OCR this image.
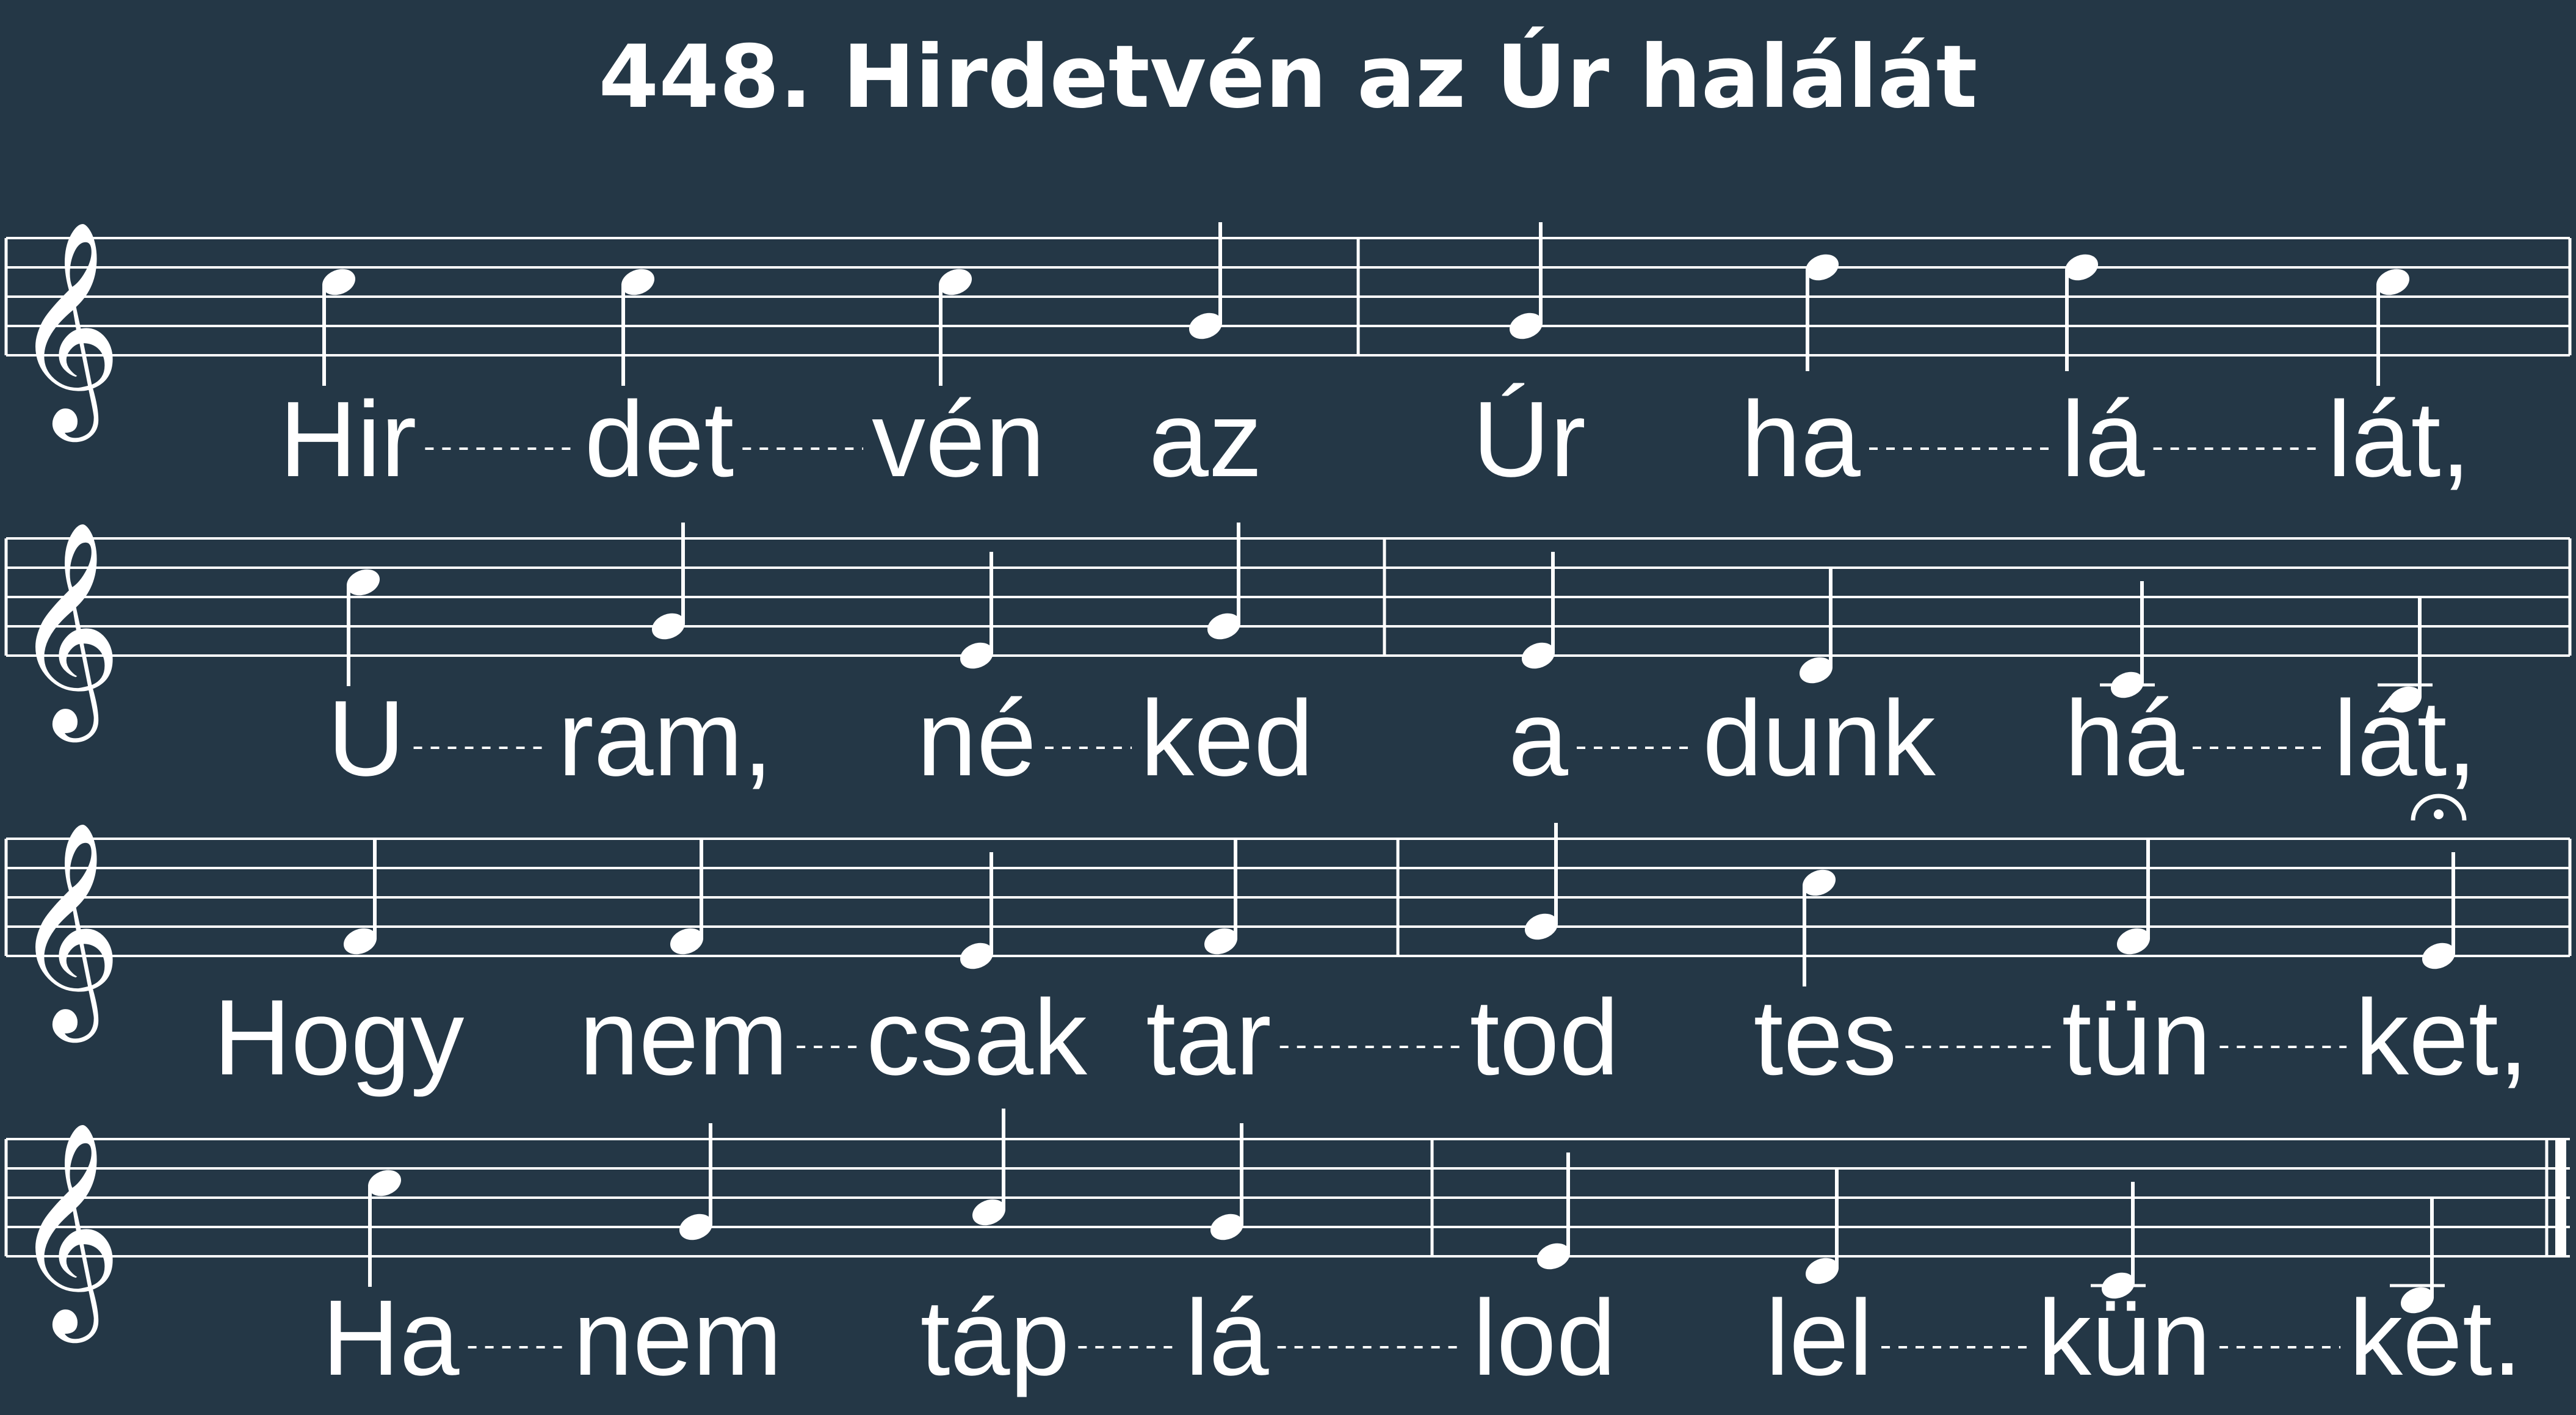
448. Hirdetvén az Úr halálát
𝄞
Hir det vén az Úr ha lá lát,
𝄞
U ram, né ked a dunk há lát,
𝄞
Hogy nem csak tar tod tes tün ket,
𝄞
Ha nem táp lá lod lel kün ket.
